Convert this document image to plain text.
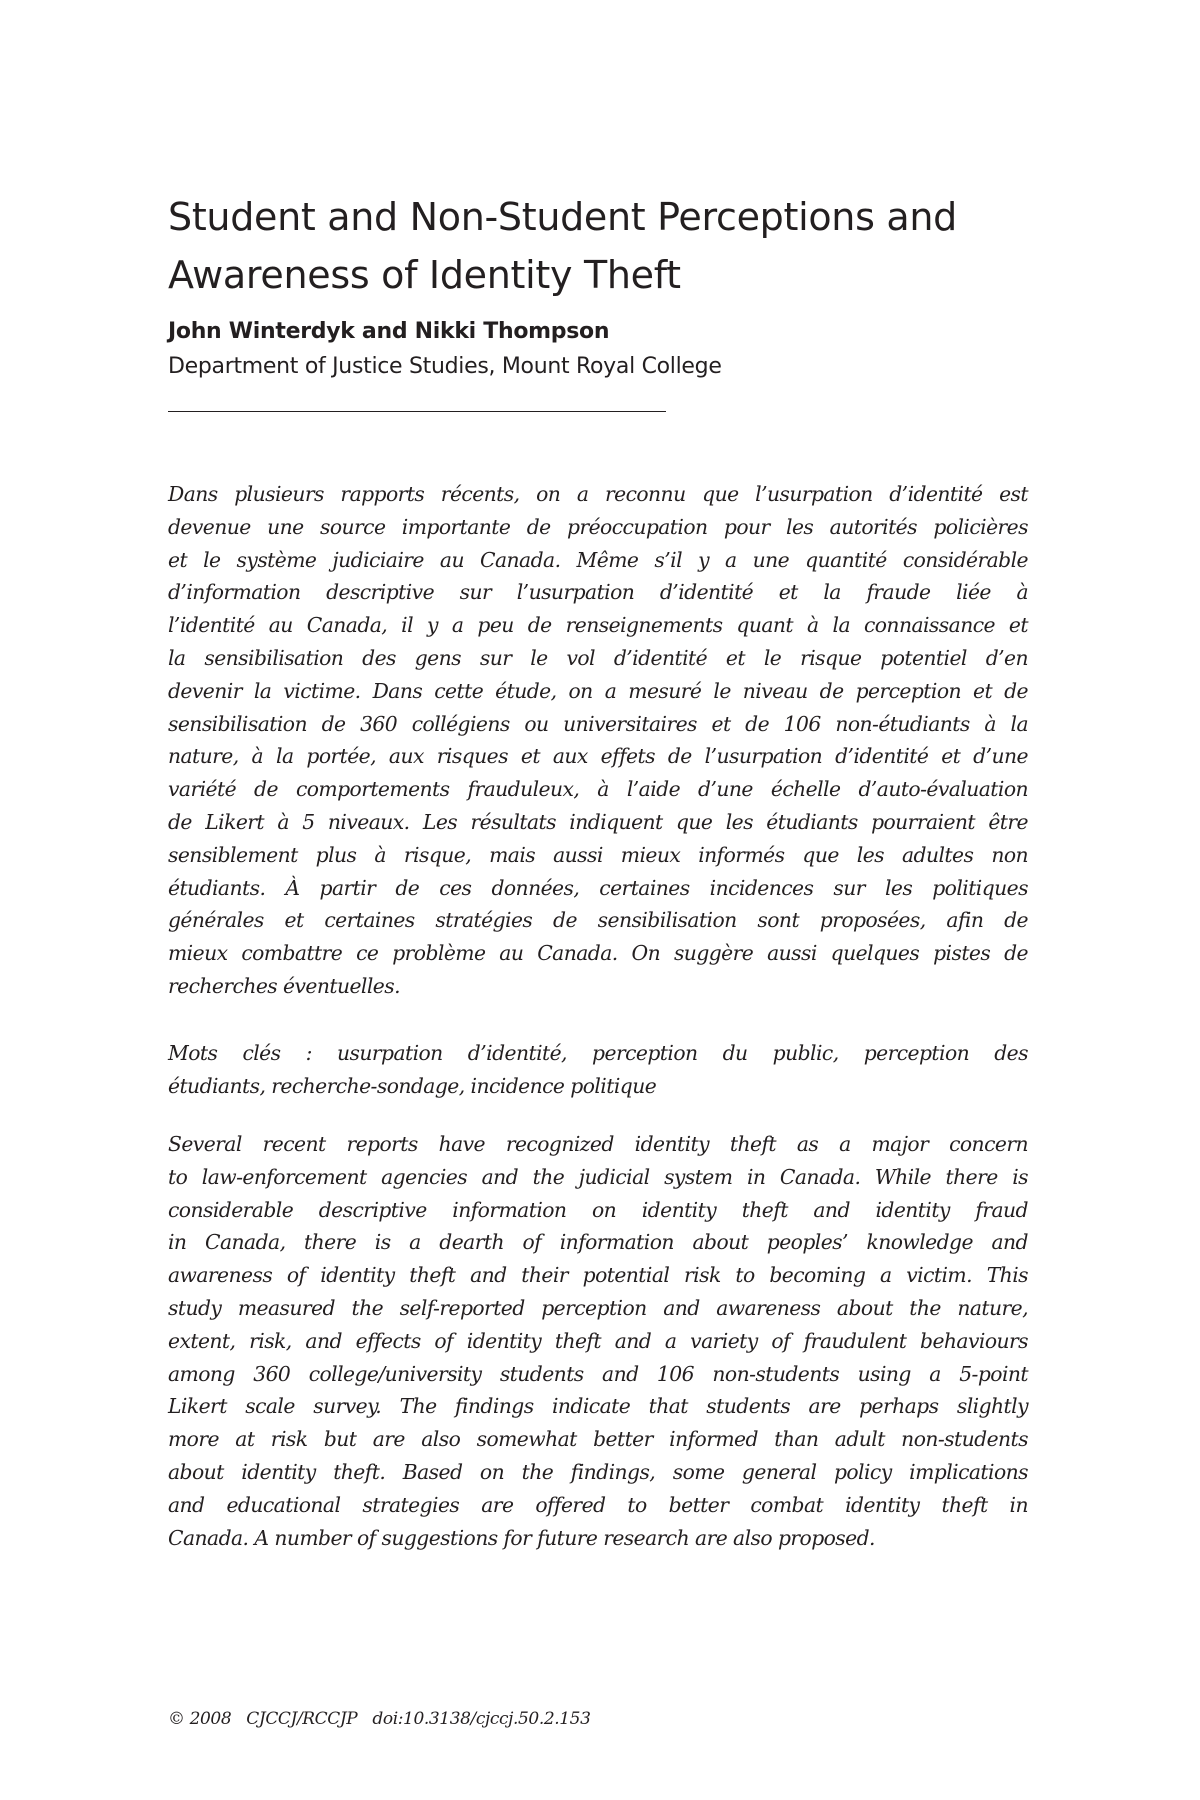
Student and Non-Student Perceptions and
Awareness of Identity Theft
John Winterdyk and Nikki Thompson
Department of Justice Studies, Mount Royal College

Dans plusieurs rapports récents, on a reconnu que l’usurpation d’identité est
devenue une source importante de préoccupation pour les autorités policières
et le système judiciaire au Canada. Même s’il y a une quantité considérable
d’information descriptive sur l’usurpation d’identité et la fraude liée à
l’identité au Canada, il y a peu de renseignements quant à la connaissance et
la sensibilisation des gens sur le vol d’identité et le risque potentiel d’en
devenir la victime. Dans cette étude, on a mesuré le niveau de perception et de
sensibilisation de 360 collégiens ou universitaires et de 106 non-étudiants à la
nature, à la portée, aux risques et aux effets de l’usurpation d’identité et d’une
variété de comportements frauduleux, à l’aide d’une échelle d’auto-évaluation
de Likert à 5 niveaux. Les résultats indiquent que les étudiants pourraient être
sensiblement plus à risque, mais aussi mieux informés que les adultes non
étudiants. À partir de ces données, certaines incidences sur les politiques
générales et certaines stratégies de sensibilisation sont proposées, afin de
mieux combattre ce problème au Canada. On suggère aussi quelques pistes de
recherches éventuelles.

Mots clés : usurpation d’identité, perception du public, perception des
étudiants, recherche-sondage, incidence politique

Several recent reports have recognized identity theft as a major concern
to law-enforcement agencies and the judicial system in Canada. While there is
considerable descriptive information on identity theft and identity fraud
in Canada, there is a dearth of information about peoples’ knowledge and
awareness of identity theft and their potential risk to becoming a victim. This
study measured the self-reported perception and awareness about the nature,
extent, risk, and effects of identity theft and a variety of fraudulent behaviours
among 360 college/university students and 106 non-students using a 5-point
Likert scale survey. The findings indicate that students are perhaps slightly
more at risk but are also somewhat better informed than adult non-students
about identity theft. Based on the findings, some general policy implications
and educational strategies are offered to better combat identity theft in
Canada. A number of suggestions for future research are also proposed.

© 2008 CJCCJ/RCCJP doi:10.3138/cjccj.50.2.153
